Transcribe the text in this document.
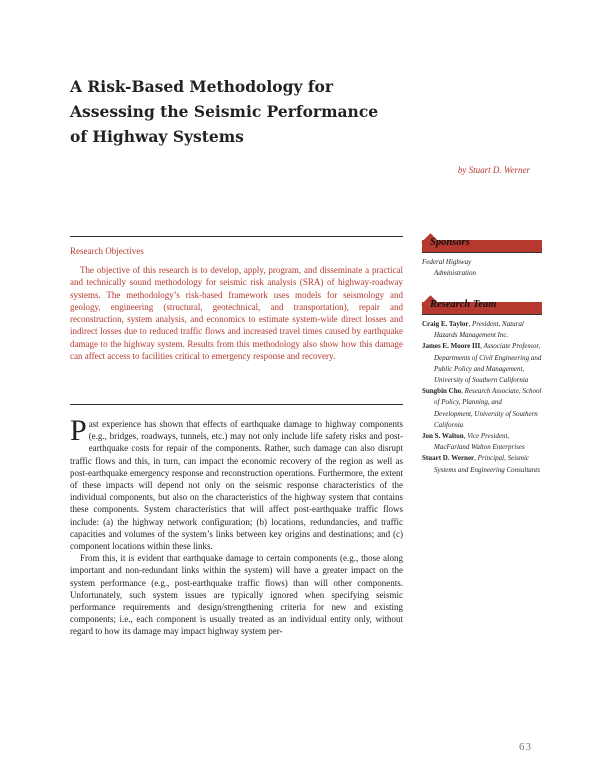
A Risk-Based Methodology for
Assessing the Seismic Performance
of Highway Systems
by Stuart D. Werner
Research Objectives

The objective of this research is to develop, apply, program, and disseminate a practical and technically sound methodology for seismic risk analysis (SRA) of highway-roadway systems. The methodology’s risk-based framework uses models for seismology and geology, engineering (structural, geotechnical, and transportation), repair and reconstruction, system analysis, and economics to estimate system-wide direct losses and indirect losses due to reduced traffic flows and increased travel times caused by earthquake damage to the highway system. Results from this methodology also show how this damage can affect access to facilities critical to emergency response and recovery.

Past experience has shown that effects of earthquake damage to highway components (e.g., bridges, roadways, tunnels, etc.) may not only include life safety risks and post-earthquake costs for repair of the components. Rather, such damage can also disrupt traffic flows and this, in turn, can impact the economic recovery of the region as well as post-earthquake emergency response and reconstruction operations. Furthermore, the extent of these impacts will depend not only on the seismic response characteristics of the individual components, but also on the characteristics of the highway system that contains these components. System characteristics that will affect post-earthquake traffic flows include: (a) the highway network configuration; (b) locations, redundancies, and traffic capacities and volumes of the system’s links between key origins and destinations; and (c) component locations within these links.

From this, it is evident that earthquake damage to certain components (e.g., those along important and non-redundant links within the system) will have a greater impact on the system performance (e.g., post-earthquake traffic flows) than will other components. Unfortunately, such system issues are typically ignored when specifying seismic performance requirements and design/strengthening criteria for new and existing components; i.e., each component is usually treated as an individual entity only, without regard to how its damage may impact highway system per-

Sponsors

Federal Highway

Administration

Research Team

Craig E. Taylor, President, Natural Hazards Management Inc.

James E. Moore III, Associate Professor, Departments of Civil Engineering and Public Policy and Management, University of Southern California

Sungbin Cho, Research Associate, School of Policy, Planning, and Development, University of Southern California

Jon S. Walton, Vice President, MacFarland Walton Enterprises

Stuart D. Werner, Principal, Seismic Systems and Engineering Consultants

63
